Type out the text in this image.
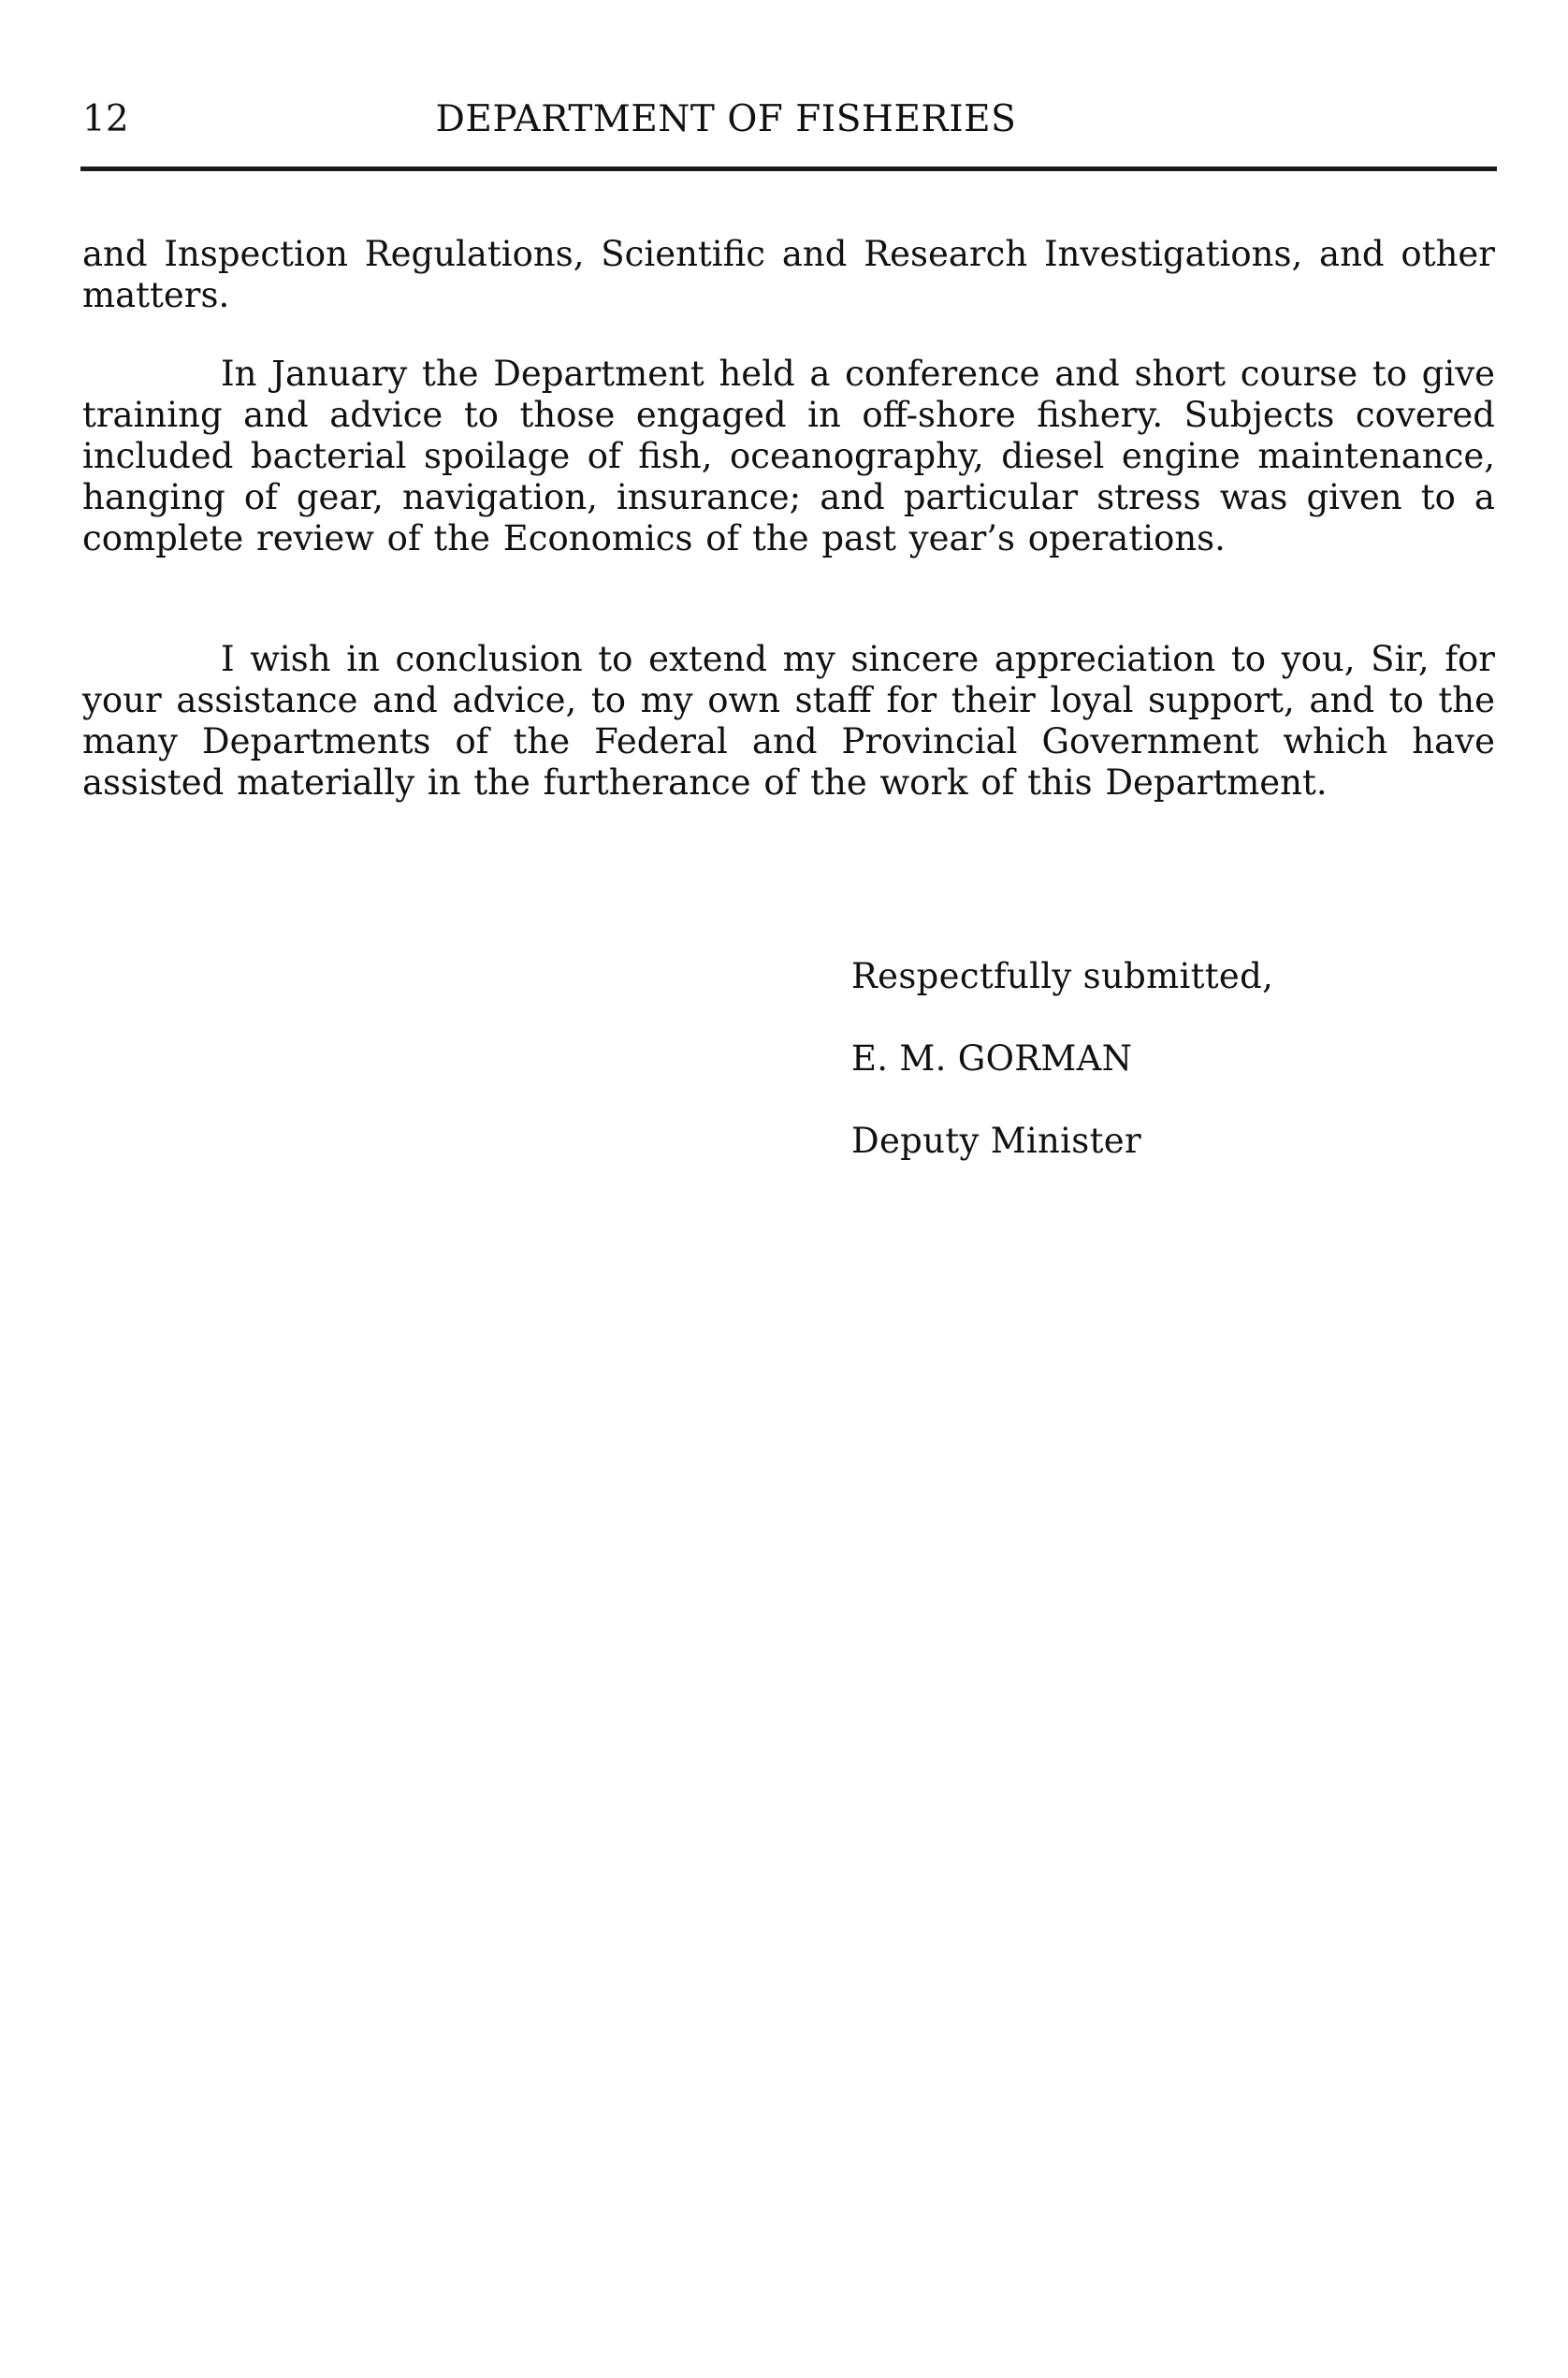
12	DEPARTMENT OF FISHERIES

and Inspection Regulations, Scientific and Research Investigations, and other matters.

In January the Department held a conference and short course to give training and advice to those engaged in off-shore fishery. Subjects covered included bacterial spoilage of fish, oceanography, diesel engine maintenance, hanging of gear, navigation, insurance; and particular stress was given to a complete review of the Economics of the past year’s operations.

I wish in conclusion to extend my sincere appreciation to you, Sir, for your assistance and advice, to my own staff for their loyal support, and to the many Departments of the Federal and Provincial Government which have assisted materially in the furtherance of the work of this Department.

Respectfully submitted,
E. M. GORMAN
Deputy Minister
